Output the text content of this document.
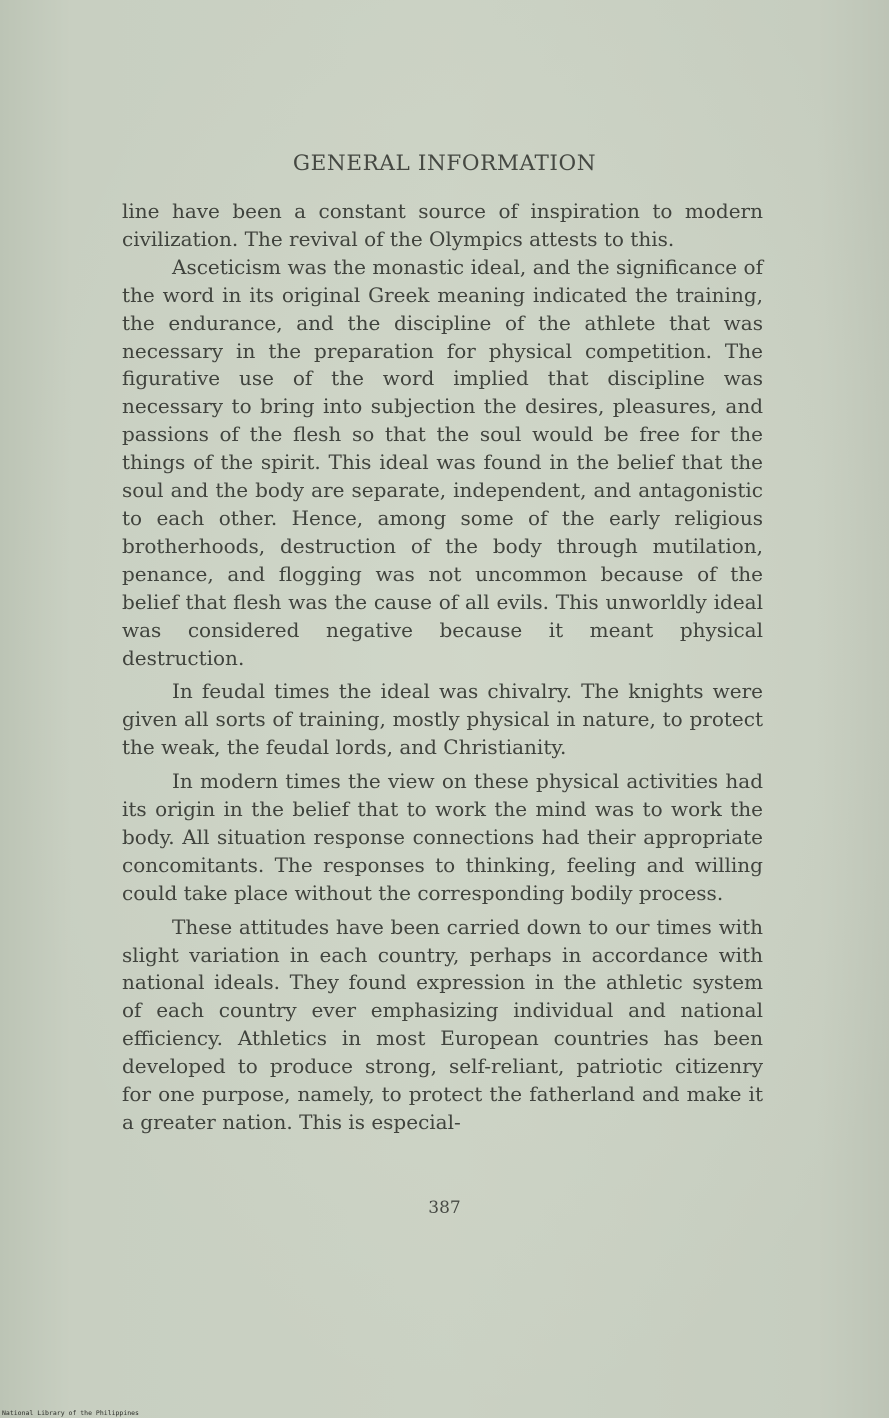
GENERAL INFORMATION

line have been a constant source of inspiration to modern civilization. The revival of the Olympics attests to this.

Asceticism was the monastic ideal, and the significance of the word in its original Greek meaning indicated the training, the endurance, and the discipline of the athlete that was necessary in the preparation for physical competition. The figurative use of the word implied that discipline was necessary to bring into subjection the desires, pleasures, and passions of the flesh so that the soul would be free for the things of the spirit. This ideal was found in the belief that the soul and the body are separate, independent, and antagonistic to each other. Hence, among some of the early religious brotherhoods, destruction of the body through mutilation, penance, and flogging was not uncommon because of the belief that flesh was the cause of all evils. This unworldly ideal was considered negative because it meant physical destruction.

In feudal times the ideal was chivalry. The knights were given all sorts of training, mostly physical in nature, to protect the weak, the feudal lords, and Christianity.

In modern times the view on these physical activities had its origin in the belief that to work the mind was to work the body. All situation response connections had their appropriate concomitants. The responses to thinking, feeling and willing could take place without the corresponding bodily process.

These attitudes have been carried down to our times with slight variation in each country, perhaps in accordance with national ideals. They found expression in the athletic system of each country ever emphasizing individual and national efficiency. Athletics in most European countries has been developed to produce strong, self-reliant, patriotic citizenry for one purpose, namely, to protect the fatherland and make it a greater nation. This is especial-

387
National Library of the Philippines
